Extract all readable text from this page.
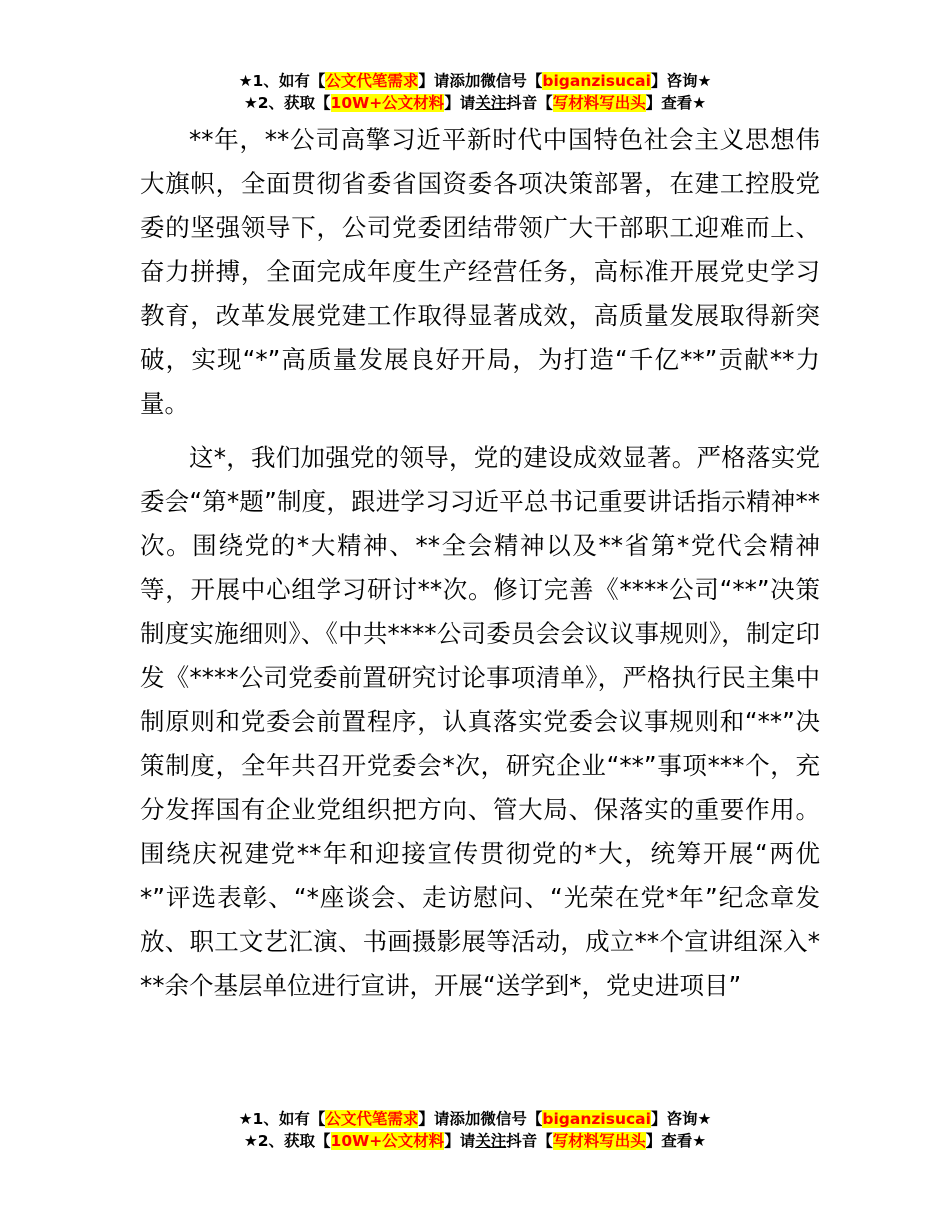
★1、如有【公文代笔需求】请添加微信号【biganzisucai】咨询★
★2、获取【10W+公文材料】请关注抖音【写材料写出头】查看★

**年，**公司高擎习近平新时代中国特色社会主义思想伟大旗帜，全面贯彻省委省国资委各项决策部署，在建工控股党委的坚强领导下，公司党委团结带领广大干部职工迎难而上、奋力拼搏，全面完成年度生产经营任务，高标准开展党史学习教育，改革发展党建工作取得显著成效，高质量发展取得新突破，实现“*”高质量发展良好开局，为打造“千亿**”贡献**力量。

这*，我们加强党的领导，党的建设成效显著。严格落实党委会“第*题”制度，跟进学习习近平总书记重要讲话指示精神**次。围绕党的*大精神、**全会精神以及**省第*党代会精神等，开展中心组学习研讨**次。修订完善《****公司“**”决策制度实施细则》、《中共****公司委员会会议议事规则》，制定印发《****公司党委前置研究讨论事项清单》，严格执行民主集中制原则和党委会前置程序，认真落实党委会议事规则和“**”决策制度，全年共召开党委会*次，研究企业“**”事项***个，充分发挥国有企业党组织把方向、管大局、保落实的重要作用。围绕庆祝建党**年和迎接宣传贯彻党的*大，统筹开展“两优*”评选表彰、“*座谈会、走访慰问、“光荣在党*年”纪念章发放、职工文艺汇演、书画摄影展等活动，成立**个宣讲组深入***余个基层单位进行宣讲，开展“送学到*，党史进项目”

★1、如有【公文代笔需求】请添加微信号【biganzisucai】咨询★
★2、获取【10W+公文材料】请关注抖音【写材料写出头】查看★
